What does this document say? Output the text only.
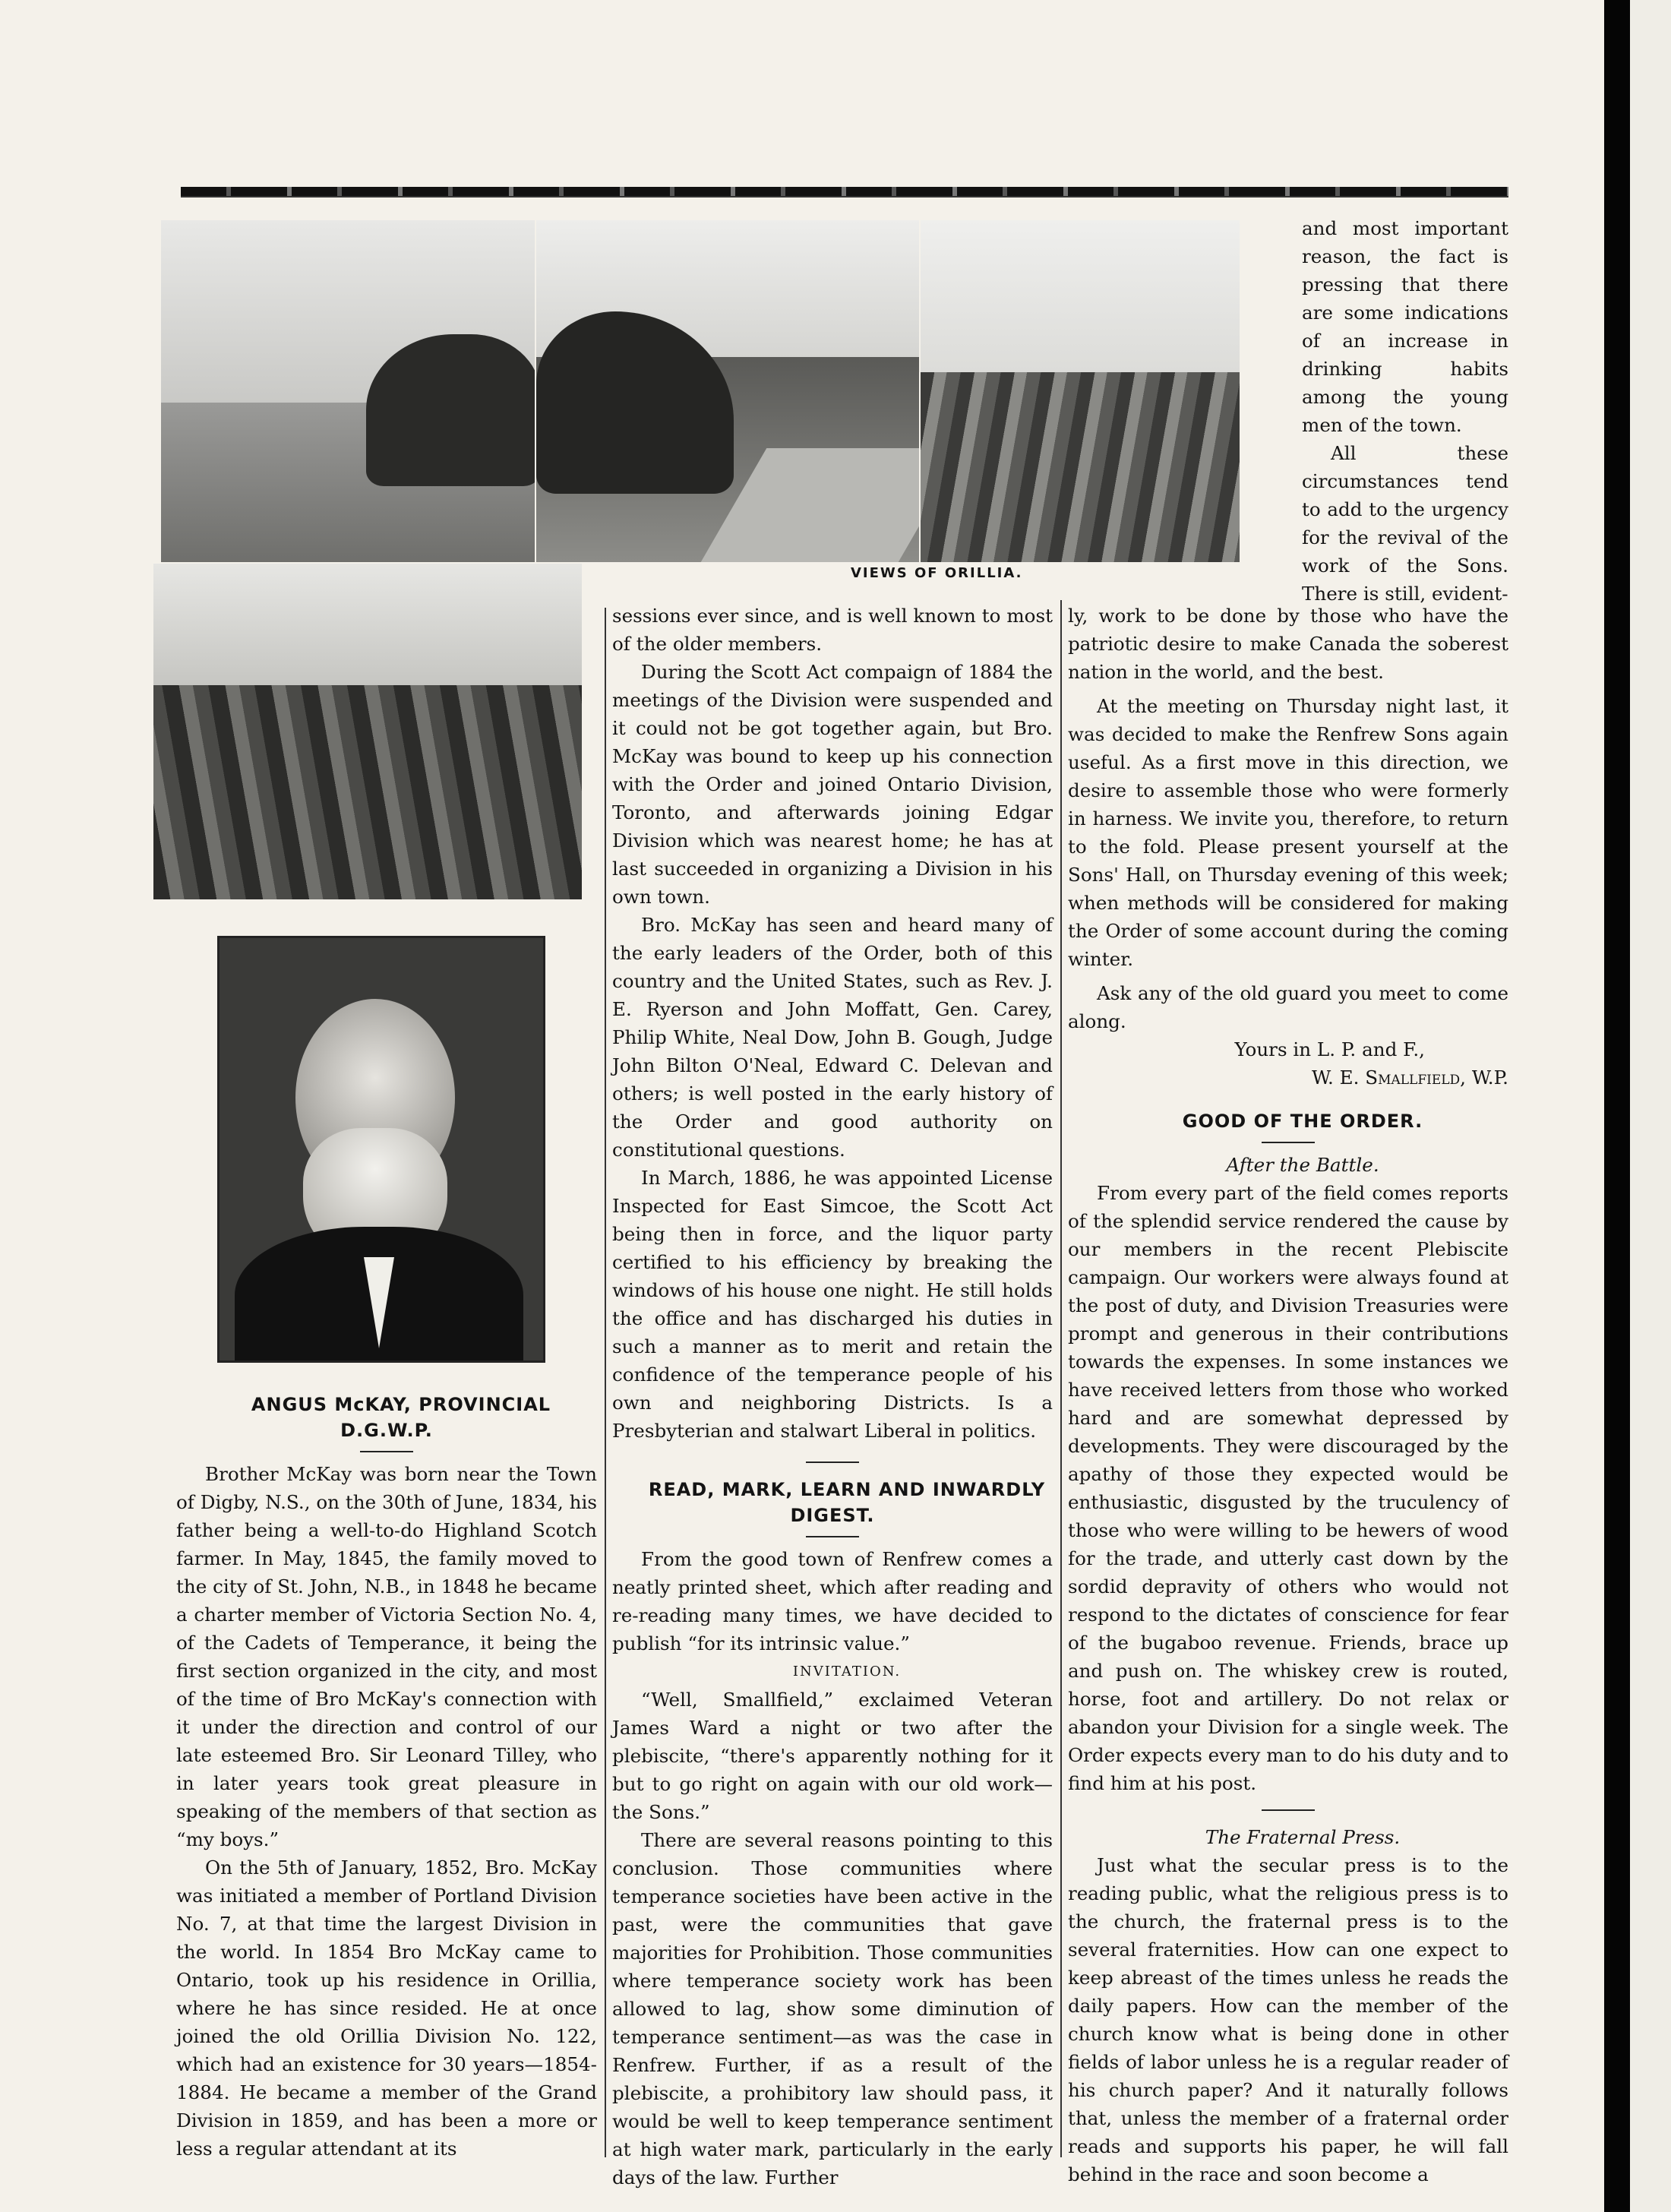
VIEWS OF ORILLIA.

ANGUS McKAY, PROVINCIAL D.G.W.P.

Brother McKay was born near the Town of Digby, N.S., on the 30th of June, 1834, his father being a well-to-do Highland Scotch farmer. In May, 1845, the family moved to the city of St. John, N.B., in 1848 he became a charter member of Victoria Section No. 4, of the Cadets of Temperance, it being the first section organized in the city, and most of the time of Bro McKay's connection with it under the direction and control of our late esteemed Bro. Sir Leonard Tilley, who in later years took great pleasure in speaking of the members of that section as “my boys.”

On the 5th of January, 1852, Bro. McKay was initiated a member of Portland Division No. 7, at that time the largest Division in the world. In 1854 Bro McKay came to Ontario, took up his residence in Orillia, where he has since resided. He at once joined the old Orillia Division No. 122, which had an existence for 30 years—1854-1884. He became a member of the Grand Division in 1859, and has been a more or less a regular attendant at its

sessions ever since, and is well known to most of the older members.

During the Scott Act compaign of 1884 the meetings of the Division were suspended and it could not be got together again, but Bro. McKay was bound to keep up his connection with the Order and joined Ontario Division, Toronto, and afterwards joining Edgar Division which was nearest home; he has at last succeeded in organizing a Division in his own town.

Bro. McKay has seen and heard many of the early leaders of the Order, both of this country and the United States, such as Rev. J. E. Ryerson and John Moffatt, Gen. Carey, Philip White, Neal Dow, John B. Gough, Judge John Bilton O'Neal, Edward C. Delevan and others; is well posted in the early history of the Order and good authority on constitutional questions.

In March, 1886, he was appointed License Inspected for East Simcoe, the Scott Act being then in force, and the liquor party certified to his efficiency by breaking the windows of his house one night. He still holds the office and has discharged his duties in such a manner as to merit and retain the confidence of the temperance people of his own and neighboring Districts. Is a Presbyterian and stalwart Liberal in politics.

READ, MARK, LEARN AND INWARDLY DIGEST.

From the good town of Renfrew comes a neatly printed sheet, which after reading and re-reading many times, we have decided to publish “for its intrinsic value.”

INVITATION.

“Well, Smallfield,” exclaimed Veteran James Ward a night or two after the plebiscite, “there's apparently nothing for it but to go right on again with our old work—the Sons.”

There are several reasons pointing to this conclusion. Those communities where temperance societies have been active in the past, were the communities that gave majorities for Prohibition. Those communities where temperance society work has been allowed to lag, show some diminution of temperance sentiment—as was the case in Renfrew. Further, if as a result of the plebiscite, a prohibitory law should pass, it would be well to keep temperance sentiment at high water mark, particularly in the early days of the law. Further

and most important reason, the fact is pressing that there are some indications of an increase in drinking habits among the young men of the town.

All these circumstances tend to add to the urgency for the revival of the work of the Sons. There is still, evident-

ly, work to be done by those who have the patriotic desire to make Canada the soberest nation in the world, and the best.

At the meeting on Thursday night last, it was decided to make the Renfrew Sons again useful. As a first move in this direction, we desire to assemble those who were formerly in harness. We invite you, therefore, to return to the fold. Please present yourself at the Sons' Hall, on Thursday evening of this week; when methods will be considered for making the Order of some account during the coming winter.

Ask any of the old guard you meet to come along.

Yours in L. P. and F.,

W. E. Smallfield, W.P.

GOOD OF THE ORDER.

After the Battle.

From every part of the field comes reports of the splendid service rendered the cause by our members in the recent Plebiscite campaign. Our workers were always found at the post of duty, and Division Treasuries were prompt and generous in their contributions towards the expenses. In some instances we have received letters from those who worked hard and are somewhat depressed by developments. They were discouraged by the apathy of those they expected would be enthusiastic, disgusted by the truculency of those who were willing to be hewers of wood for the trade, and utterly cast down by the sordid depravity of others who would not respond to the dictates of conscience for fear of the bugaboo revenue. Friends, brace up and push on. The whiskey crew is routed, horse, foot and artillery. Do not relax or abandon your Division for a single week. The Order expects every man to do his duty and to find him at his post.

The Fraternal Press.

Just what the secular press is to the reading public, what the religious press is to the church, the fraternal press is to the several fraternities. How can one expect to keep abreast of the times unless he reads the daily papers. How can the member of the church know what is being done in other fields of labor unless he is a regular reader of his church paper? And it naturally follows that, unless the member of a fraternal order reads and supports his paper, he will fall behind in the race and soon become a
